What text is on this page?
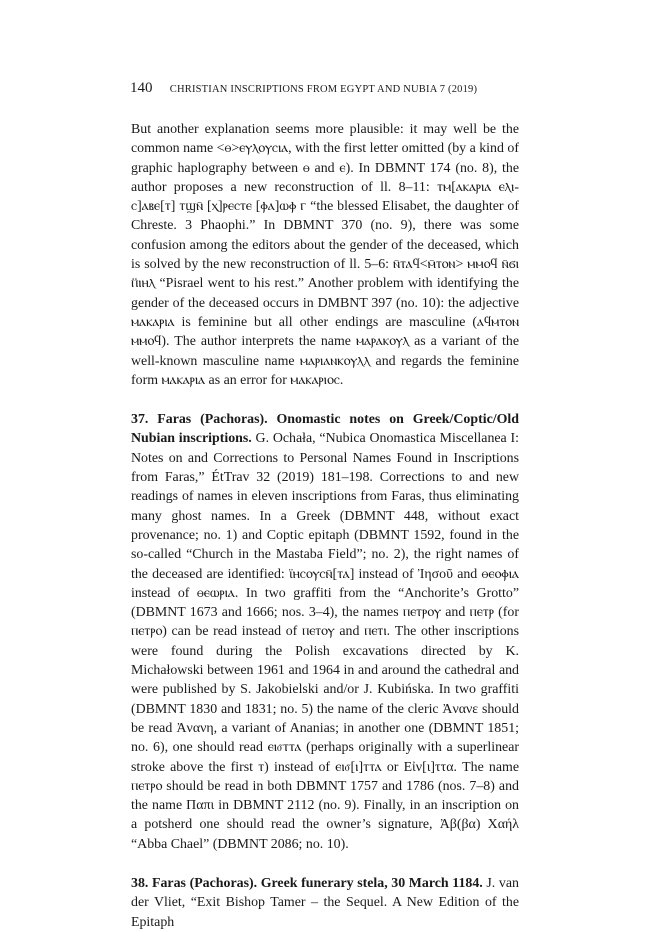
140 CHRISTIAN INSCRIPTIONS FROM EGYPT AND NUBIA 7 (2019)

But another explanation seems more plausible: it may well be the common name <ⲑ>ⲉⲩⲗⲟⲩⲥⲓⲁ, with the first letter omitted (by a kind of graphic haplography between ⲑ and ⲉ). In DBMNT 174 (no. 8), the author proposes a new reconstruction of ll. 8–11: ⲧⲙ[ⲁⲕⲁⲣⲓⲁ ⲉⲗⲓ-ⲥ]ⲁⲃⲉ[ⲧ] ⲧϣⲛ̄ [ⲭ]ⲣⲉⲥⲧⲉ [ⲫⲁ]ⲱⲫ ⲅ “the blessed Elisabet, the daughter of Chreste. 3 Phaophi.” In DBMNT 370 (no. 9), there was some confusion among the editors about the gender of the deceased, which is solved by the new reconstruction of ll. 5–6: ⲛ̄ⲧⲁϥ<ⲙ̄ⲧⲟⲛ> ⲙⲙⲟϥ ⲛ̄ϭⲓ ⲡ̈ⲓⲏⲗ “Pisrael went to his rest.” Another problem with identifying the gender of the deceased occurs in DMBNT 397 (no. 10): the adjective ⲙⲁⲕⲁⲣⲓⲁ is feminine but all other endings are masculine (ⲁϥⲙⲧⲟⲛ ⲙⲙⲟϥ). The author interprets the name ⲙⲁⲣⲁⲕⲟⲩⲗ as a variant of the well-known masculine name ⲙⲁⲣⲓⲁⲛⲕⲟⲩⲗⲗ and regards the feminine form ⲙⲁⲕⲁⲣⲓⲁ as an error for ⲙⲁⲕⲁⲣⲓⲟⲥ.

37. Faras (Pachoras). Onomastic notes on Greek/Coptic/Old Nubian inscriptions. G. Ochała, “Nubica Onomastica Miscellanea I: Notes on and Corrections to Personal Names Found in Inscriptions from Faras,” ÉtTrav 32 (2019) 181–198. Corrections to and new readings of names in eleven inscriptions from Faras, thus eliminating many ghost names. In a Greek (DBMNT 448, without exact provenance; no. 1) and Coptic epitaph (DBMNT 1592, found in the so-called “Church in the Mastaba Field”; no. 2), the right names of the deceased are identified: ϊⲏⲥⲟⲩⲥⲛ̄[ⲧⲁ] instead of Ἰησοῦ and ⲑⲉⲟⲫⲓⲁ instead of ⲑⲉⲱⲣⲓⲁ. In two graffiti from the “Anchorite’s Grotto” (DBMNT 1673 and 1666; nos. 3–4), the names ⲡⲉⲧⲣⲟⲩ and ⲡⲉⲧⲣ (for ⲡⲉⲧⲣⲟ) can be read instead of ⲡⲉⲧⲟⲩ and ⲡⲉⲧⲓ. The other inscriptions were found during the Polish excavations directed by K. Michałowski between 1961 and 1964 in and around the cathedral and were published by S. Jakobielski and/or J. Kubińska. In two graffiti (DBMNT 1830 and 1831; no. 5) the name of the cleric Ἀνανε should be read Ἀνανη, a variant of Ananias; in another one (DBMNT 1851; no. 6), one should read ⲉⲓⳝⲧⲧⲁ (perhaps originally with a superlinear stroke above the first ⲧ) instead of ⲉⲓⳝ[ⲓ]ⲧⲧⲁ or Εἰν[ι]ττα. The name ⲡⲉⲧⲣⲟ should be read in both DBMNT 1757 and 1786 (nos. 7–8) and the name Παπι in DBMNT 2112 (no. 9). Finally, in an inscription on a potsherd one should read the owner’s signature, Ἀβ(βα) Χαήλ “Abba Chael” (DBMNT 2086; no. 10).

38. Faras (Pachoras). Greek funerary stela, 30 March 1184. J. van der Vliet, “Exit Bishop Tamer – the Sequel. A New Edition of the Epitaph
